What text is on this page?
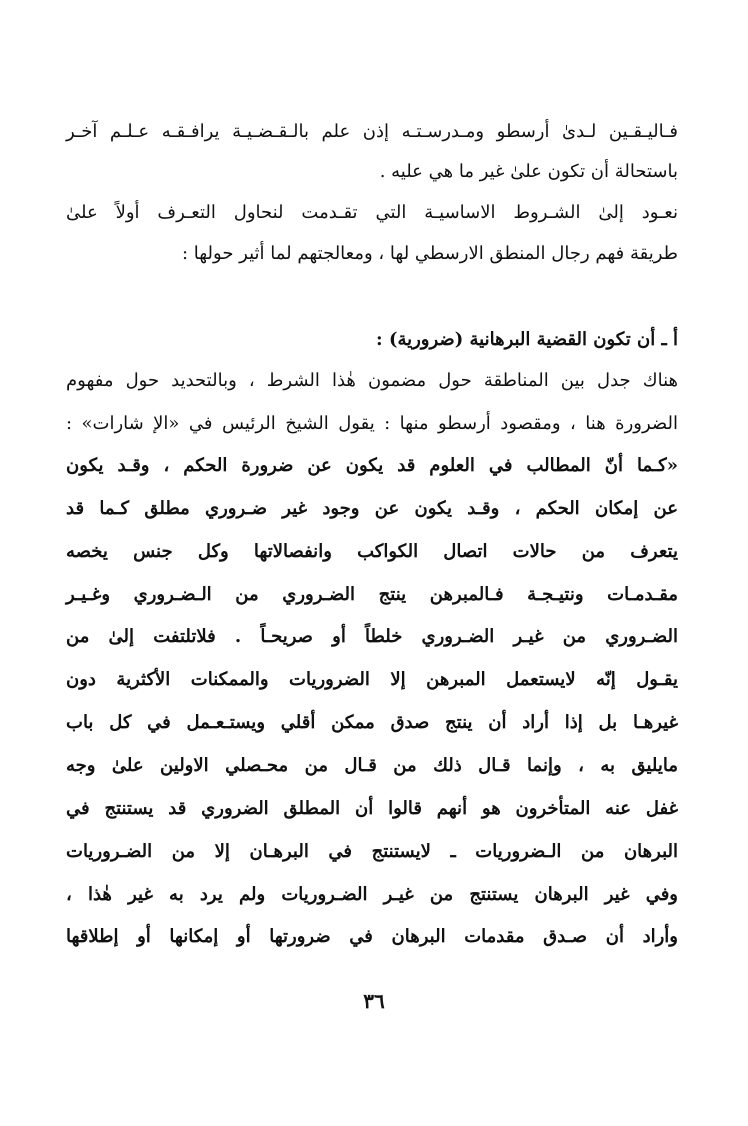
فـاليـقـين لـدىٰ أرسطو ومـدرسـتـه إذن علم بالـقـضـيـة يرافـقـه عـلـم آخـر
باستحالة أن تكون علىٰ غير ما هي عليه .
نعـود إلىٰ الشـروط الاساسيـة التي تقـدمت لنحاول التعـرف أولاً علىٰ
طريقة فهم رجال المنطق الارسطي لها ، ومعالجتهم لما أثير حولها :
أ ـ أن تكون القضية البرهانية (ضرورية) :
هناك جدل بين المناطقة حول مضمون هٰذا الشرط ، وبالتحديد حول مفهوم
الضرورة هنا ، ومقصود أرسطو منها : يقول الشيخ الرئيس في «الإ شارات» :
«كـما أنّ المطالب في العلوم قد يكون عن ضرورة الحكم ، وقـد يكون
عن إمكان الحكم ، وقـد يكون عن وجود غير ضـروري مطلق كـما قد
يتعرف من حالات اتصال الكواكب وانفصالاتها وكل جنس يخصه
مقـدمـات ونتيـجـة فـالمبرهن ينتج الضـروري من الـضـروري وغـيـر
الضـروري من غيـر الضـروري خلطاً أو صريحـاً . فلاتلتفت إلىٰ من
يقـول إنّه لايستعمل المبرهن إلا الضروريات والممكنات الأكثرية دون
غيرهـا بل إذا أراد أن ينتج صدق ممكن أقلي ويستـعـمل في كل باب
مايليق به ، وإنما قـال ذلك من قـال من محـصلي الاولين علىٰ وجه
غفل عنه المتأخرون هو أنهم قالوا أن المطلق الضروري قد يستنتج في
البرهان من الـضروريات ـ لايستنتج في البرهـان إلا من الضـروريات
وفي غير البرهان يستنتج من غيـر الضـروريات ولم يرد به غير هٰذا ،
وأراد أن صـدق مقدمات البرهان في ضرورتها أو إمكانها أو إطلاقها
٣٦
